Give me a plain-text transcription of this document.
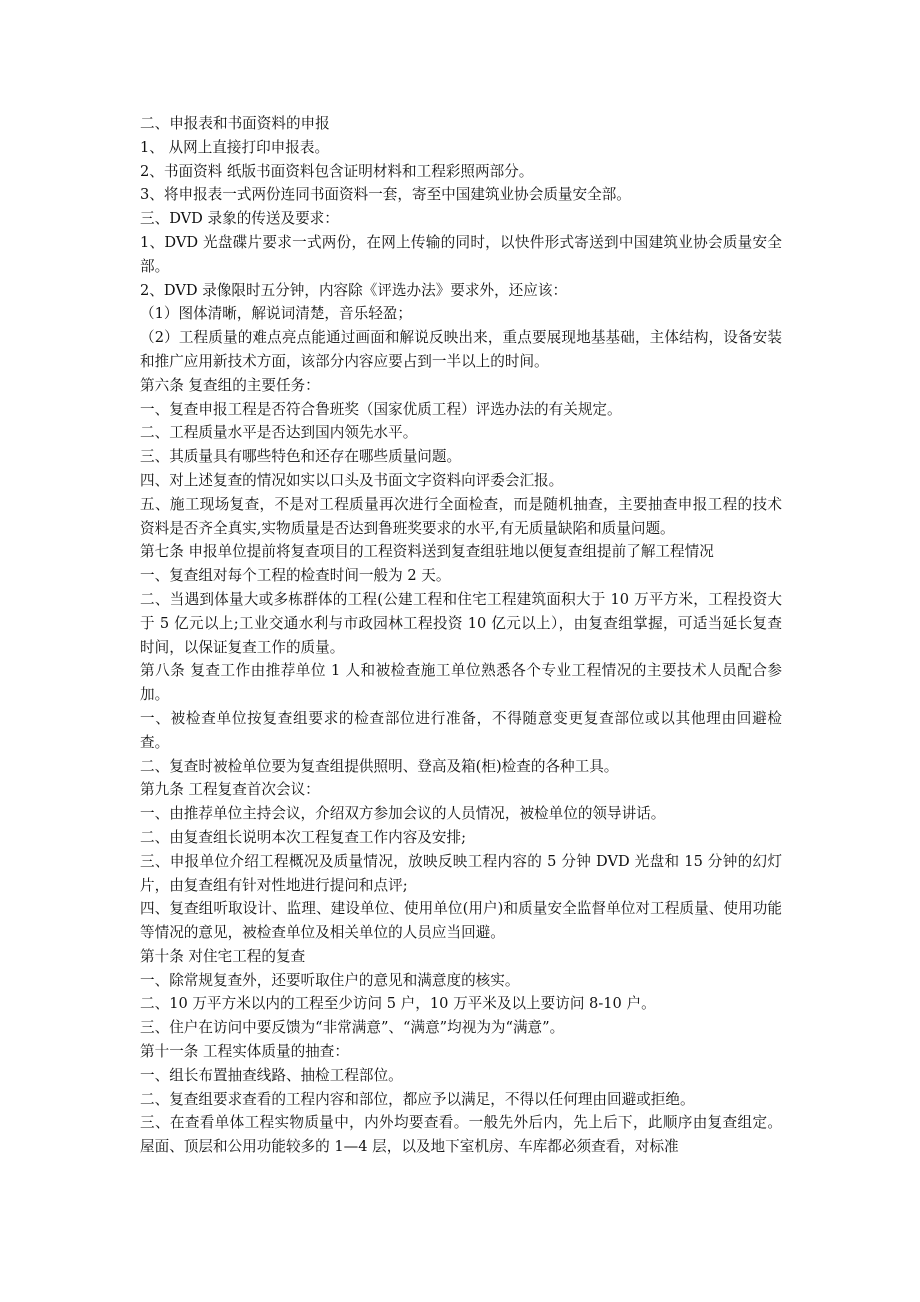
二、申报表和书面资料的申报

1、 从网上直接打印申报表。

2、书面资料 纸版书面资料包含证明材料和工程彩照两部分。

3、将申报表一式两份连同书面资料一套，寄至中国建筑业协会质量安全部。

三、DVD 录象的传送及要求：

1、DVD 光盘碟片要求一式两份，在网上传输的同时，以快件形式寄送到中国建筑业协会质量安全部。

2、DVD 录像限时五分钟，内容除《评选办法》要求外，还应该：

（1）图体清晰，解说词清楚，音乐轻盈；

（2）工程质量的难点亮点能通过画面和解说反映出来，重点要展现地基基础，主体结构，设备安装和推广应用新技术方面，该部分内容应要占到一半以上的时间。

第六条 复查组的主要任务：

一、复查申报工程是否符合鲁班奖（国家优质工程）评选办法的有关规定。

二、工程质量水平是否达到国内领先水平。

三、其质量具有哪些特色和还存在哪些质量问题。

四、对上述复查的情况如实以口头及书面文字资料向评委会汇报。

五、施工现场复查，不是对工程质量再次进行全面检查，而是随机抽查，主要抽查申报工程的技术资料是否齐全真实,实物质量是否达到鲁班奖要求的水平,有无质量缺陷和质量问题。

第七条 申报单位提前将复查项目的工程资料送到复查组驻地以便复查组提前了解工程情况

一、复查组对每个工程的检查时间一般为 2 天。

二、当遇到体量大或多栋群体的工程(公建工程和住宅工程建筑面积大于 10 万平方米，工程投资大于 5 亿元以上;工业交通水利与市政园林工程投资 10 亿元以上），由复查组掌握，可适当延长复查时间，以保证复查工作的质量。

第八条 复查工作由推荐单位 1 人和被检查施工单位熟悉各个专业工程情况的主要技术人员配合参加。

一、被检查单位按复查组要求的检查部位进行准备，不得随意变更复查部位或以其他理由回避检查。

二、复查时被检单位要为复查组提供照明、登高及箱(柜)检查的各种工具。

第九条 工程复查首次会议：

一、由推荐单位主持会议，介绍双方参加会议的人员情况，被检单位的领导讲话。

二、由复查组长说明本次工程复查工作内容及安排;

三、申报单位介绍工程概况及质量情况，放映反映工程内容的 5 分钟 DVD 光盘和 15 分钟的幻灯片，由复查组有针对性地进行提问和点评;

四、复查组听取设计、监理、建设单位、使用单位(用户)和质量安全监督单位对工程质量、使用功能等情况的意见，被检查单位及相关单位的人员应当回避。

第十条 对住宅工程的复查

一、除常规复查外，还要听取住户的意见和满意度的核实。

二、10 万平方米以内的工程至少访问 5 户，10 万平米及以上要访问 8-10 户。

三、住户在访问中要反馈为“非常满意”、“满意”均视为为“满意”。

第十一条 工程实体质量的抽查：

一、组长布置抽查线路、抽检工程部位。

二、复查组要求查看的工程内容和部位，都应予以满足，不得以任何理由回避或拒绝。

三、在查看单体工程实物质量中，内外均要查看。一般先外后内，先上后下，此顺序由复查组定。屋面、顶层和公用功能较多的 1—4 层，以及地下室机房、车库都必须查看，对标准
